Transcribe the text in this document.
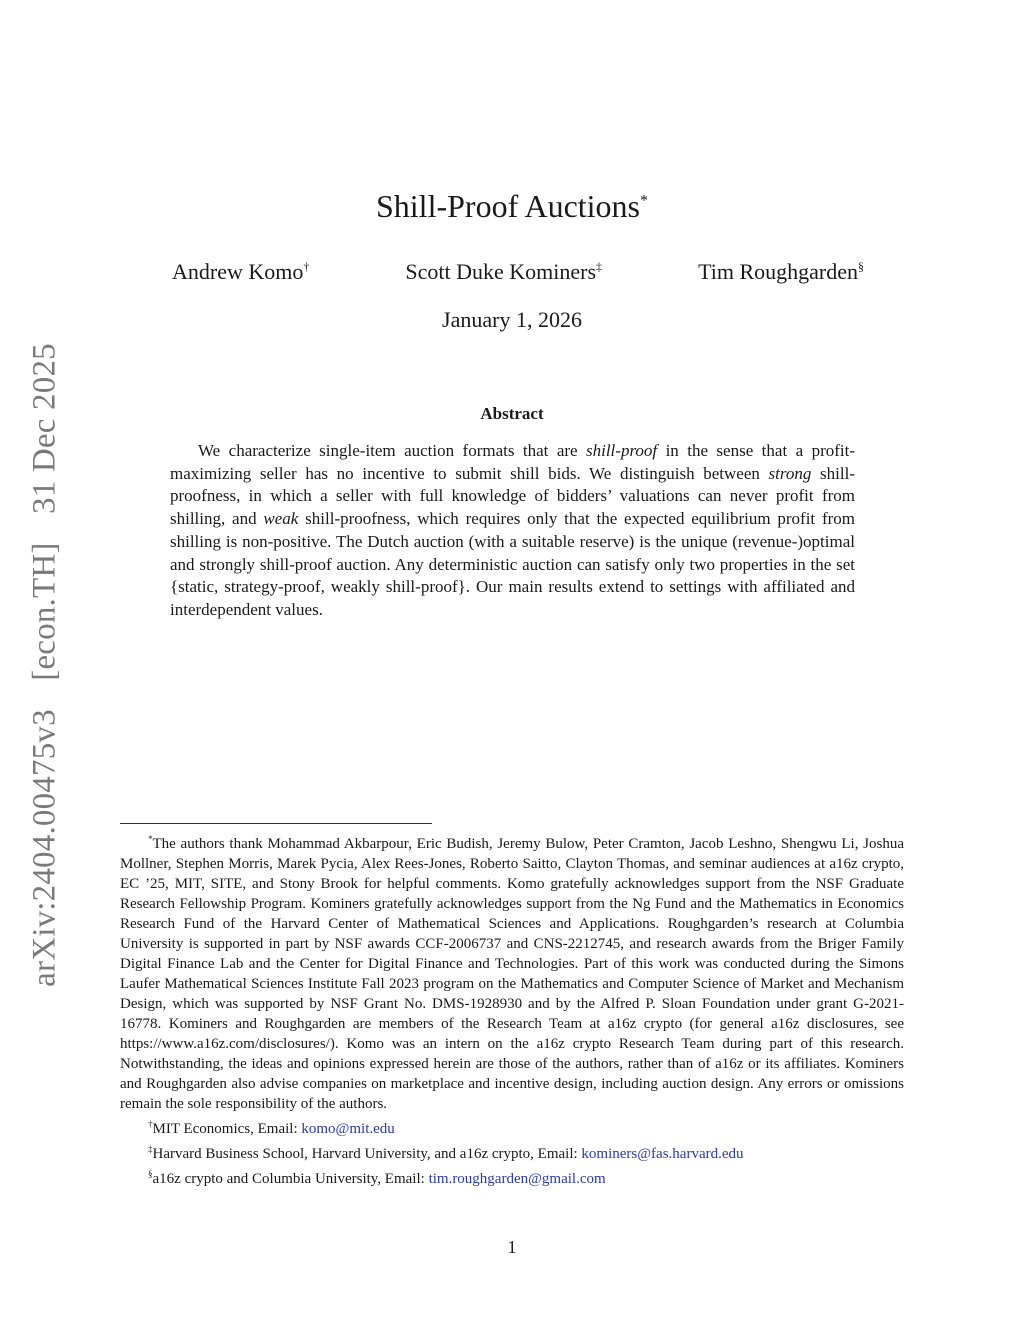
arXiv:2404.00475v3 [econ.TH] 31 Dec 2025
Shill-Proof Auctions*
Andrew Komo†	Scott Duke Kominers‡	Tim Roughgarden§
January 1, 2026
Abstract

We characterize single-item auction formats that are shill-proof in the sense that a profit-maximizing seller has no incentive to submit shill bids. We distinguish between strong shill-proofness, in which a seller with full knowledge of bidders’ valuations can never profit from shilling, and weak shill-proofness, which requires only that the expected equilibrium profit from shilling is non-positive. The Dutch auction (with a suitable reserve) is the unique (revenue-)optimal and strongly shill-proof auction. Any deterministic auction can satisfy only two properties in the set {static, strategy-proof, weakly shill-proof}. Our main results extend to settings with affiliated and interdependent values.

*The authors thank Mohammad Akbarpour, Eric Budish, Jeremy Bulow, Peter Cramton, Jacob Leshno, Shengwu Li, Joshua Mollner, Stephen Morris, Marek Pycia, Alex Rees-Jones, Roberto Saitto, Clayton Thomas, and seminar audiences at a16z crypto, EC ’25, MIT, SITE, and Stony Brook for helpful comments. Komo gratefully acknowledges support from the NSF Graduate Research Fellowship Program. Kominers gratefully acknowledges support from the Ng Fund and the Mathematics in Economics Research Fund of the Harvard Center of Mathematical Sciences and Applications. Roughgarden’s research at Columbia University is supported in part by NSF awards CCF-2006737 and CNS-2212745, and research awards from the Briger Family Digital Finance Lab and the Center for Digital Finance and Technologies. Part of this work was conducted during the Simons Laufer Mathematical Sciences Institute Fall 2023 program on the Mathematics and Computer Science of Market and Mechanism Design, which was supported by NSF Grant No. DMS-1928930 and by the Alfred P. Sloan Foundation under grant G-2021-16778. Kominers and Roughgarden are members of the Research Team at a16z crypto (for general a16z disclosures, see https://www.a16z.com/disclosures/). Komo was an intern on the a16z crypto Research Team during part of this research. Notwithstanding, the ideas and opinions expressed herein are those of the authors, rather than of a16z or its affiliates. Kominers and Roughgarden also advise companies on marketplace and incentive design, including auction design. Any errors or omissions remain the sole responsibility of the authors.

†MIT Economics, Email: komo@mit.edu

‡Harvard Business School, Harvard University, and a16z crypto, Email: kominers@fas.harvard.edu

§a16z crypto and Columbia University, Email: tim.roughgarden@gmail.com

1
